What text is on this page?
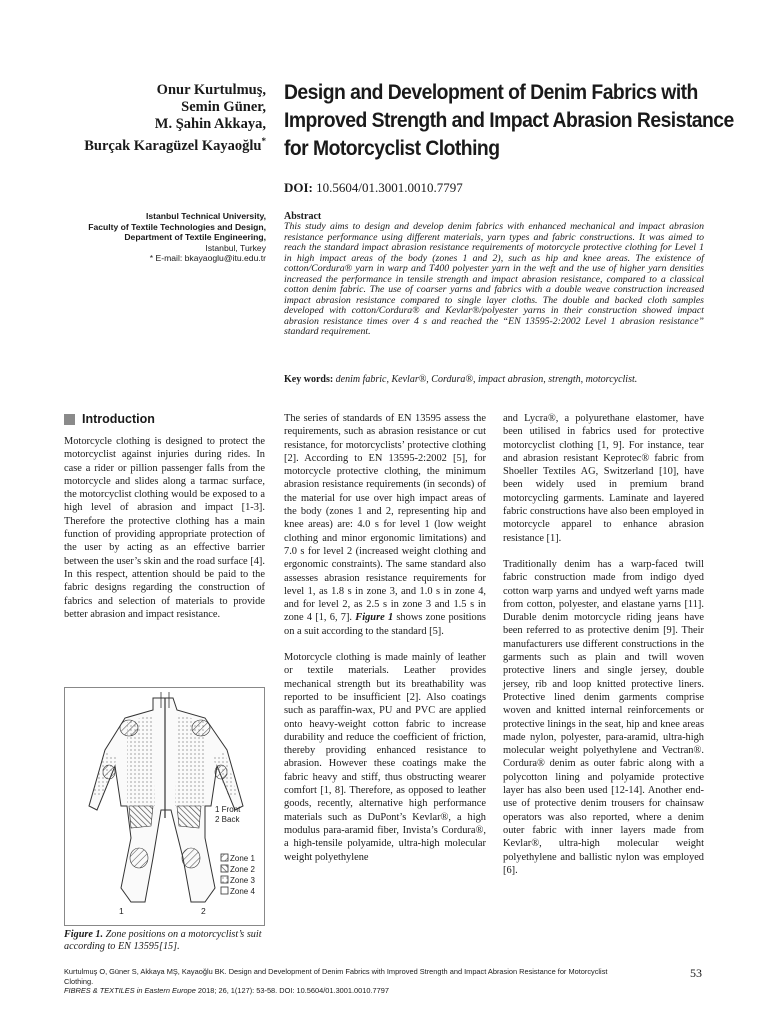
Onur Kurtulmuş,
Semin Güner,
M. Şahin Akkaya,
Burçak Karagüzel Kayaoğlu*
Istanbul Technical University,
Faculty of Textile Technologies and Design,
Department of Textile Engineering,
Istanbul, Turkey
* E-mail: bkayaoglu@itu.edu.tr
Design and Development of Denim Fabrics with Improved Strength and Impact Abrasion Resistance for Motorcyclist Clothing
DOI: 10.5604/01.3001.0010.7797
Abstract
This study aims to design and develop denim fabrics with enhanced mechanical and impact abrasion resistance performance using different materials, yarn types and fabric constructions. It was aimed to reach the standard impact abrasion resistance requirements of motorcycle protective clothing for Level 1 in high impact areas of the body (zones 1 and 2), such as hip and knee areas. The existence of cotton/Cordura® yarn in warp and T400 polyester yarn in the weft and the use of higher yarn densities increased the performance in tensile strength and impact abrasion resistance, compared to a classical cotton denim fabric. The use of coarser yarns and fabrics with a double weave construction increased impact abrasion resistance compared to single layer cloths. The double and backed cloth samples developed with cotton/Cordura® and Kevlar®/polyester yarns in their construction showed impact abrasion resistance times over 4 s and reached the “EN 13595-2:2002 Level 1 abrasion resistance” standard requirement.
Key words: denim fabric, Kevlar®, Cordura®, impact abrasion, strength, motorcyclist.
Introduction

Motorcycle clothing is designed to protect the motorcyclist against injuries during rides. In case a rider or pillion passenger falls from the motorcycle and slides along a tarmac surface, the motorcyclist clothing would be exposed to a high level of abrasion and impact [1-3]. Therefore the protective clothing has a main function of providing appropriate protection of the user by acting as an effective barrier between the user’s skin and the road surface [4]. In this respect, attention should be paid to the fabric designs regarding the construction of fabrics and selection of materials to provide better abrasion and impact resistance.

1 Front
2 Back
Zone 1
Zone 2
Zone 3
Zone 4
1	2
Figure 1. Zone positions on a motorcyclist’s suit according to EN 13595[15].

The series of standards of EN 13595 assess the requirements, such as abrasion resistance or cut resistance, for motorcyclists’ protective clothing [2]. According to EN 13595-2:2002 [5], for motorcycle protective clothing, the minimum abrasion resistance requirements (in seconds) of the material for use over high impact areas of the body (zones 1 and 2, representing hip and knee areas) are: 4.0 s for level 1 (low weight clothing and minor ergonomic limitations) and 7.0 s for level 2 (increased weight clothing and ergonomic constraints). The same standard also assesses abrasion resistance requirements for level 1, as 1.8 s in zone 3, and 1.0 s in zone 4, and for level 2, as 2.5 s in zone 3 and 1.5 s in zone 4 [1, 6, 7]. Figure 1 shows zone positions on a suit according to the standard [5].

Motorcycle clothing is made mainly of leather or textile materials. Leather provides mechanical strength but its breathability was reported to be insufficient [2]. Also coatings such as paraffin-wax, PU and PVC are applied onto heavy-weight cotton fabric to increase durability and reduce the coefficient of friction, thereby providing enhanced resistance to abrasion. However these coatings make the fabric heavy and stiff, thus obstructing wearer comfort [1, 8]. Therefore, as opposed to leather goods, recently, alternative high performance materials such as DuPont’s Kevlar®, a high modulus para-aramid fiber, Invista’s Cordura®, a high-tensile polyamide, ultra-high molecular weight polyethylene

and Lycra®, a polyurethane elastomer, have been utilised in fabrics used for protective motorcyclist clothing [1, 9]. For instance, tear and abrasion resistant Keprotec® fabric from Shoeller Textiles AG, Switzerland [10], have been widely used in premium brand motorcycling garments. Laminate and layered fabric constructions have also been employed in motorcycle apparel to enhance abrasion resistance [1].

Traditionally denim has a warp-faced twill fabric construction made from indigo dyed cotton warp yarns and undyed weft yarns made from cotton, polyester, and elastane yarns [11]. Durable denim motorcycle riding jeans have been referred to as protective denim [9]. Their manufacturers use different constructions in the garments such as plain and twill woven protective liners and single jersey, double jersey, rib and loop knitted protective liners. Protective lined denim garments comprise woven and knitted internal reinforcements or protective linings in the seat, hip and knee areas made nylon, polyester, para-aramid, ultra-high molecular weight polyethylene and Vectran®. Cordura® denim as outer fabric along with a polycotton lining and polyamide protective layer has also been used [12-14]. Another end-use of protective denim trousers for chainsaw operators was also reported, where a denim outer fabric with inner layers made from Kevlar®, ultra-high molecular weight polyethylene and ballistic nylon was employed [6].

Kurtulmuş O, Güner S, Akkaya MŞ, Kayaoğlu BK. Design and Development of Denim Fabrics with Improved Strength and Impact Abrasion Resistance for Motorcyclist Clothing.
FIBRES & TEXTILES in Eastern Europe 2018; 26, 1(127): 53-58. DOI: 10.5604/01.3001.0010.7797
53
